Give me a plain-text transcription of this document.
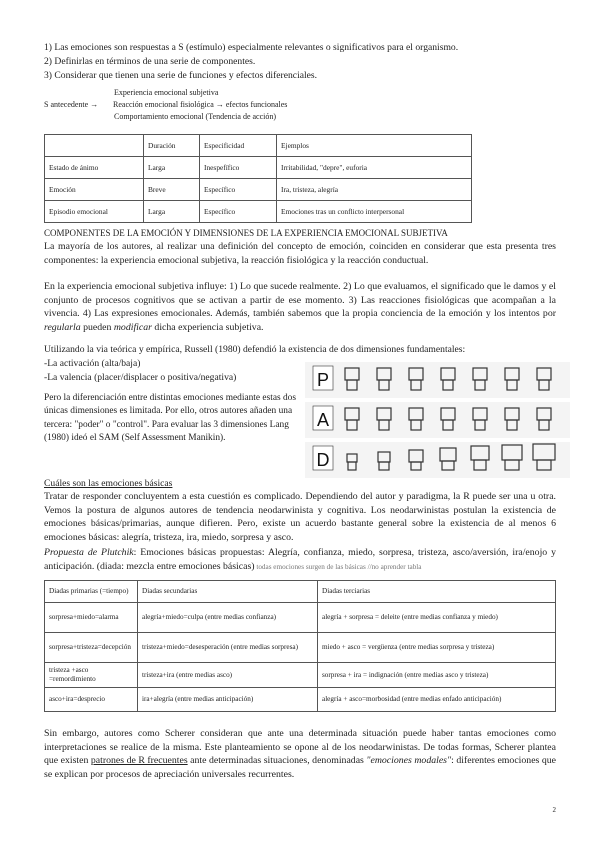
1) Las emociones son respuestas a S (estímulo) especialmente relevantes o significativos para el organismo.
2) Definirlas en términos de una serie de componentes.
3) Considerar que tienen una serie de funciones y efectos diferenciales.
Experiencia emocional subjetiva
S antecedente → Reacción emocional fisiológica → efectos funcionales
Comportamiento emocional (Tendencia de acción)
	Duración	Especificidad	Ejemplos
Estado de ánimo	Larga	Inespefífico	Irritabilidad, "depre", euforia
Emoción	Breve	Específico	Ira, tristeza, alegría
Episodio emocional	Larga	Específico	Emociones tras un conflicto interpersonal
COMPONENTES DE LA EMOCIÓN Y DIMENSIONES DE LA EXPERIENCIA EMOCIONAL SUBJETIVA
La mayoría de los autores, al realizar una definición del concepto de emoción, coinciden en considerar que esta presenta tres componentes: la experiencia emocional subjetiva, la reacción fisiológica y la reacción conductual.
En la experiencia emocional subjetiva influye: 1) Lo que sucede realmente. 2) Lo que evaluamos, el significado que le damos y el conjunto de procesos cognitivos que se activan a partir de ese momento. 3) Las reacciones fisiológicas que acompañan a la vivencia. 4) Las expresiones emocionales. Además, también sabemos que la propia conciencia de la emoción y los intentos por regularla pueden modificar dicha experiencia subjetiva.
Utilizando la via teórica y empírica, Russell (1980) defendió la existencia de dos dimensiones fundamentales:
-La activación (alta/baja)
-La valencia (placer/displacer o positiva/negativa)
Pero la diferenciación entre distintas emociones mediante estas dos únicas dimensiones es limitada. Por ello, otros autores añaden una tercera: "poder" o "control". Para evaluar las 3 dimensiones Lang (1980) ideó el SAM (Self Assessment Manikin).
P
A
D
Cuáles son las emociones básicas
Tratar de responder concluyentem a esta cuestión es complicado. Dependiendo del autor y paradigma, la R puede ser una u otra. Vemos la postura de algunos autores de tendencia neodarwinista y cognitiva. Los neodarwinistas postulan la existencia de emociones básicas/primarias, aunque difieren. Pero, existe un acuerdo bastante general sobre la existencia de al menos 6 emociones básicas: alegría, tristeza, ira, miedo, sorpresa y asco.
Propuesta de Plutchik: Emociones básicas propuestas: Alegría, confianza, miedo, sorpresa, tristeza, asco/aversión, ira/enojo y anticipación. (diada: mezcla entre emociones básicas) todas emociones surgen de las básicas //no aprender tabla
Diadas primarias (=tiempo)	Diadas secundarias	Diadas terciarias
sorpresa+miedo=alarma	alegría+miedo=culpa (entre medias confianza)	alegría + sorpresa = deleite (entre medias confianza y miedo)
sorpresa+tristeza=decepción	tristeza+miedo=desesperación (entre medias sorpresa)	miedo + asco = vergüenza (entre medias sorpresa y tristeza)
tristeza +asco =remordimiento	tristeza+ira (entre medias asco)	sorpresa + ira = indignación (entre medias asco y tristeza)
asco+ira=desprecio	ira+alegría (entre medias anticipación)	alegría + asco=morbosidad (entre medias enfado anticipación)
Sin embargo, autores como Scherer consideran que ante una determinada situación puede haber tantas emociones como interpretaciones se realice de la misma. Este planteamiento se opone al de los neodarwinistas. De todas formas, Scherer plantea que existen patrones de R frecuentes ante determinadas situaciones, denominadas "emociones modales": diferentes emociones que se explican por procesos de apreciación universales recurrentes.
2
